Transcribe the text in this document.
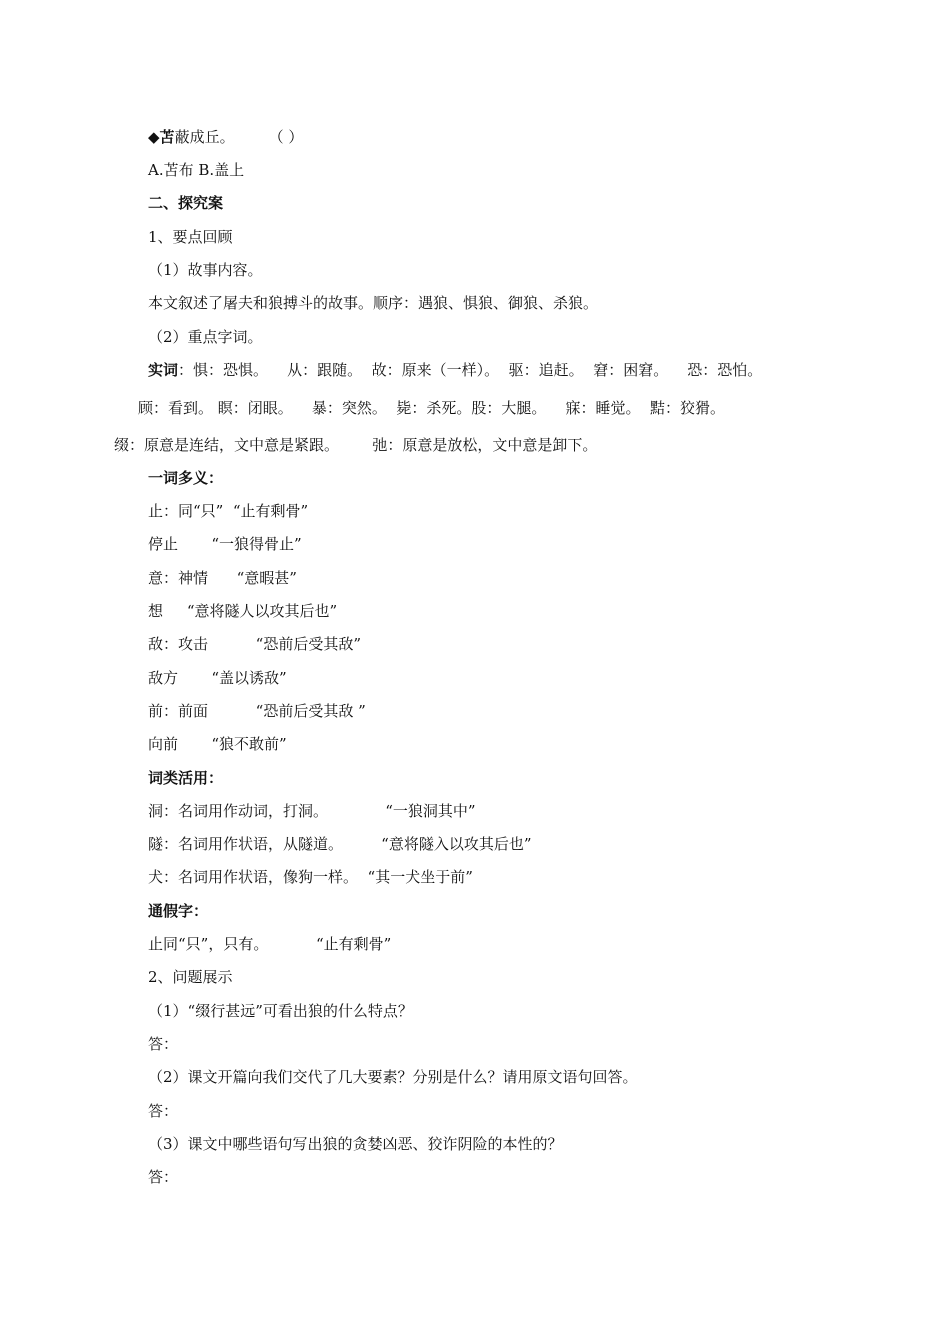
◆苫蔽成丘。 （ ）
A.苫布 B.盖上
二、探究案
1、要点回顾
（1）故事内容。
本文叙述了屠夫和狼搏斗的故事。顺序：遇狼、惧狼、御狼、杀狼。
（2）重点字词。
实词：惧：恐惧。    从：跟随。  故：原来（一样）。  驱：追赶。  窘：困窘。    恐：恐怕。
顾：看到。 瞑：闭眼。    暴：突然。  毙：杀死。股：大腿。    寐：睡觉。  黠：狡猾。
缀：原意是连结，文中意是紧跟。       弛：原意是放松，文中意是卸下。
一词多义：
止：同“只”  “止有剩骨”
停止       “一狼得骨止”
意：神情      “意暇甚”
想     “意将隧人以攻其后也”
敌：攻击          “恐前后受其敌”
敌方       “盖以诱敌”
前：前面          “恐前后受其敌 ”
向前       “狼不敢前”
词类活用：
洞：名词用作动词，打洞。            “一狼洞其中”
隧：名词用作状语，从隧道。        “意将隧入以攻其后也”
犬：名词用作状语，像狗一样。  “其一犬坐于前”
通假字：
止同“只”，只有。          “止有剩骨”
2、问题展示
（1）“缀行甚远”可看出狼的什么特点？
答：
（2）课文开篇向我们交代了几大要素？分别是什么？请用原文语句回答。
答：
（3）课文中哪些语句写出狼的贪婪凶恶、狡诈阴险的本性的？
答：
